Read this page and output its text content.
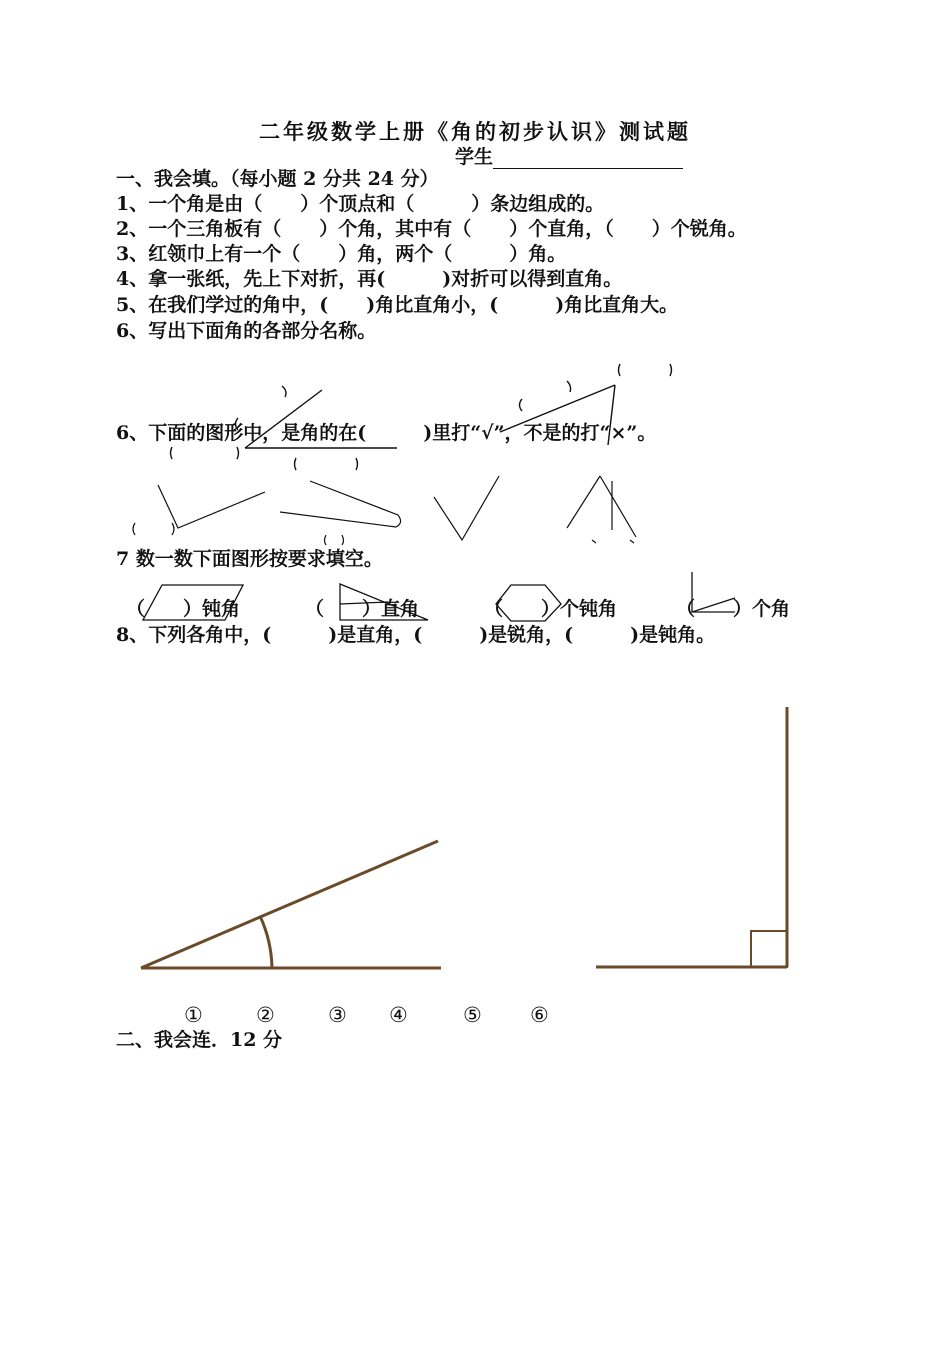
二年级数学上册《角的初步认识》测试题
学生
一、我会填。（每小题 2 分共 24 分）
1、一个角是由（　　）个顶点和（　　　）条边组成的。
2、一个三角板有（　　）个角，其中有（　　）个直角，（　　）个锐角。
3、红领巾上有一个（　　）角，两个（　　　）角。
4、拿一张纸，先上下对折，再(　　　)对折可以得到直角。
5、在我们学过的角中，(　　)角比直角小，(　　　)角比直角大。
6、写出下面角的各部分名称。
6、下面的图形中，是角的在(　　　)里打“√”，不是的打“×”。
7 数一数下面图形按要求填空。
（　　）钝角	（　　）直角	（　　）个钝角	（　　）个角
8、下列各角中，(　　　)是直角，(　　　)是锐角，(　　　)是钝角。
①	②	③ ④	⑤ ⑥
二、我会连．12 分
